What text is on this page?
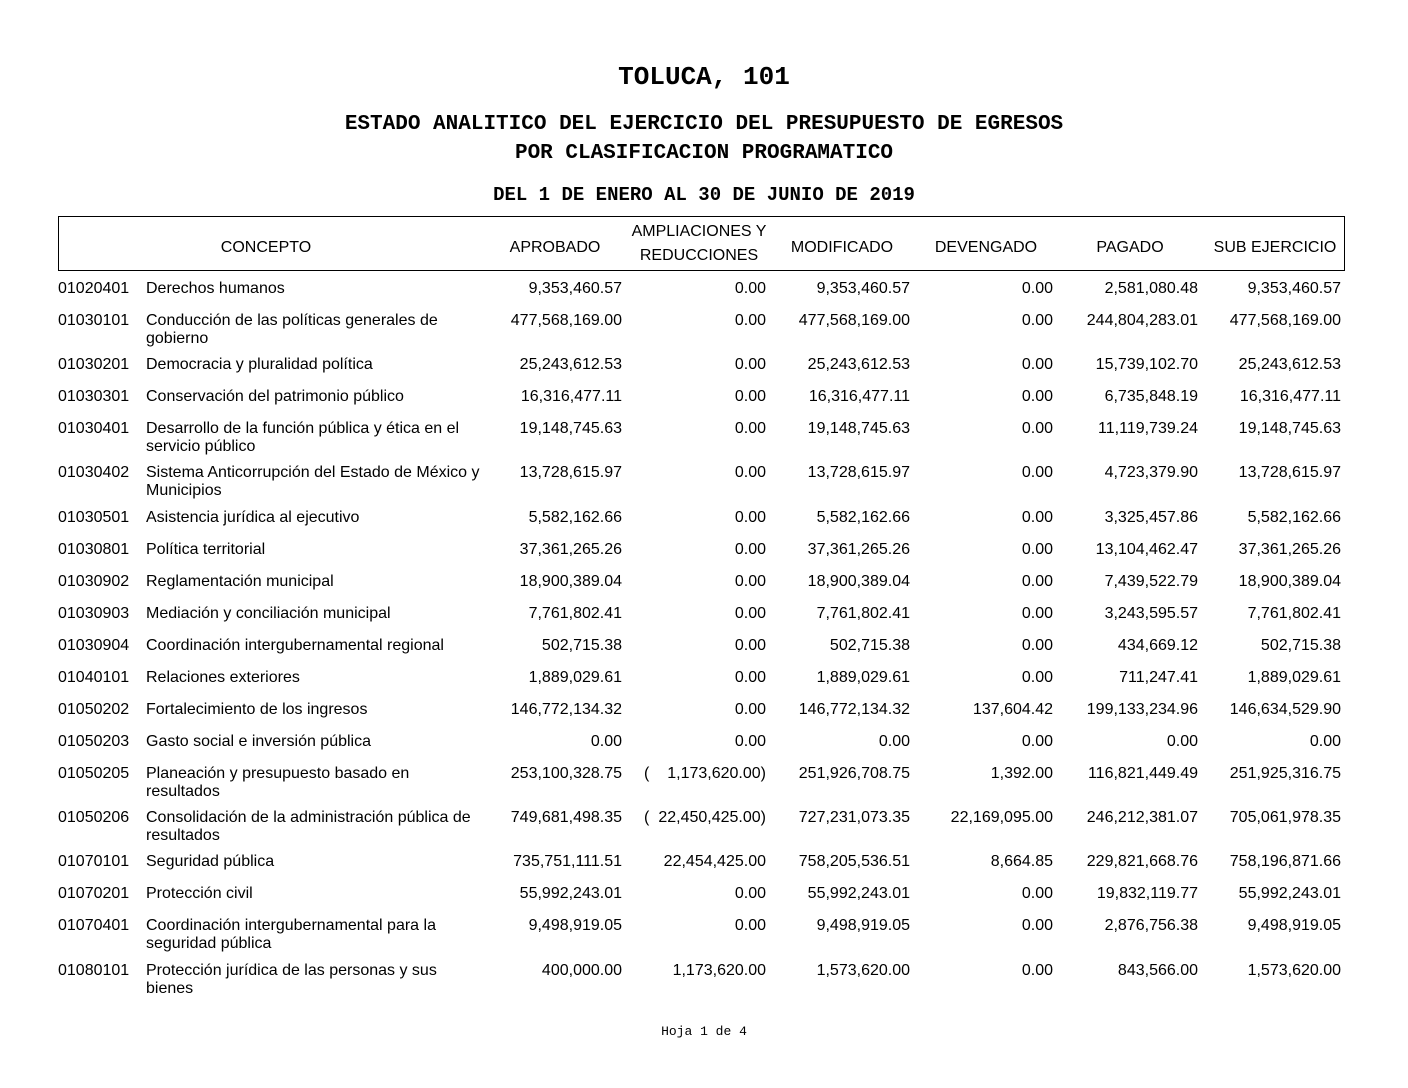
TOLUCA, 101
ESTADO ANALITICO DEL EJERCICIO DEL PRESUPUESTO DE EGRESOS
POR CLASIFICACION PROGRAMATICO
DEL 1 DE ENERO AL 30 DE JUNIO DE 2019
CONCEPTO	APROBADO
AMPLIACIONES Y
REDUCCIONES	MODIFICADO	DEVENGADO	PAGADO	SUB EJERCICIO
01020401 Derechos humanos	9,353,460.57	0.00	9,353,460.57	0.00	2,581,080.48	9,353,460.57
01030101 Conducción de las políticas generales de gobierno
477,568,169.00	0.00 477,568,169.00	0.00 244,804,283.01 477,568,169.00
01030201 Democracia y pluralidad política	25,243,612.53	0.00	25,243,612.53	0.00	15,739,102.70	25,243,612.53
01030301 Conservación del patrimonio público	16,316,477.11	0.00	16,316,477.11	0.00	6,735,848.19	16,316,477.11
01030401 Desarrollo de la función pública y ética en el servicio público
19,148,745.63	0.00	19,148,745.63	0.00	11,119,739.24	19,148,745.63
01030402 Sistema Anticorrupción del Estado de México y Municipios
13,728,615.97	0.00	13,728,615.97	0.00	4,723,379.90	13,728,615.97
01030501 Asistencia jurídica al ejecutivo	5,582,162.66	0.00	5,582,162.66	0.00	3,325,457.86	5,582,162.66
01030801 Política territorial	37,361,265.26	0.00	37,361,265.26	0.00	13,104,462.47	37,361,265.26
01030902 Reglamentación municipal	18,900,389.04	0.00	18,900,389.04	0.00	7,439,522.79	18,900,389.04
01030903 Mediación y conciliación municipal	7,761,802.41	0.00	7,761,802.41	0.00	3,243,595.57	7,761,802.41
01030904 Coordinación intergubernamental regional	502,715.38	0.00	502,715.38	0.00	434,669.12	502,715.38
01040101 Relaciones exteriores	1,889,029.61	0.00	1,889,029.61	0.00	711,247.41	1,889,029.61
01050202 Fortalecimiento de los ingresos	146,772,134.32	0.00 146,772,134.32	137,604.42 199,133,234.96 146,634,529.90
01050203 Gasto social e inversión pública	0.00	0.00	0.00	0.00	0.00	0.00
01050205 Planeación y presupuesto basado en resultados
253,100,328.75 ( 1,173,620.00) 251,926,708.75	1,392.00 116,821,449.49 251,925,316.75
01050206 Consolidación de la administración pública de resultados
749,681,498.35 ( 22,450,425.00) 727,231,073.35	22,169,095.00 246,212,381.07 705,061,978.35
01070101 Seguridad pública	735,751,111.51	22,454,425.00 758,205,536.51	8,664.85 229,821,668.76 758,196,871.66
01070201 Protección civil	55,992,243.01	0.00	55,992,243.01	0.00	19,832,119.77	55,992,243.01
01070401 Coordinación intergubernamental para la seguridad pública
9,498,919.05	0.00	9,498,919.05	0.00	2,876,756.38	9,498,919.05
01080101 Protección jurídica de las personas y sus bienes
400,000.00	1,173,620.00	1,573,620.00	0.00	843,566.00	1,573,620.00
Hoja 1 de 4
